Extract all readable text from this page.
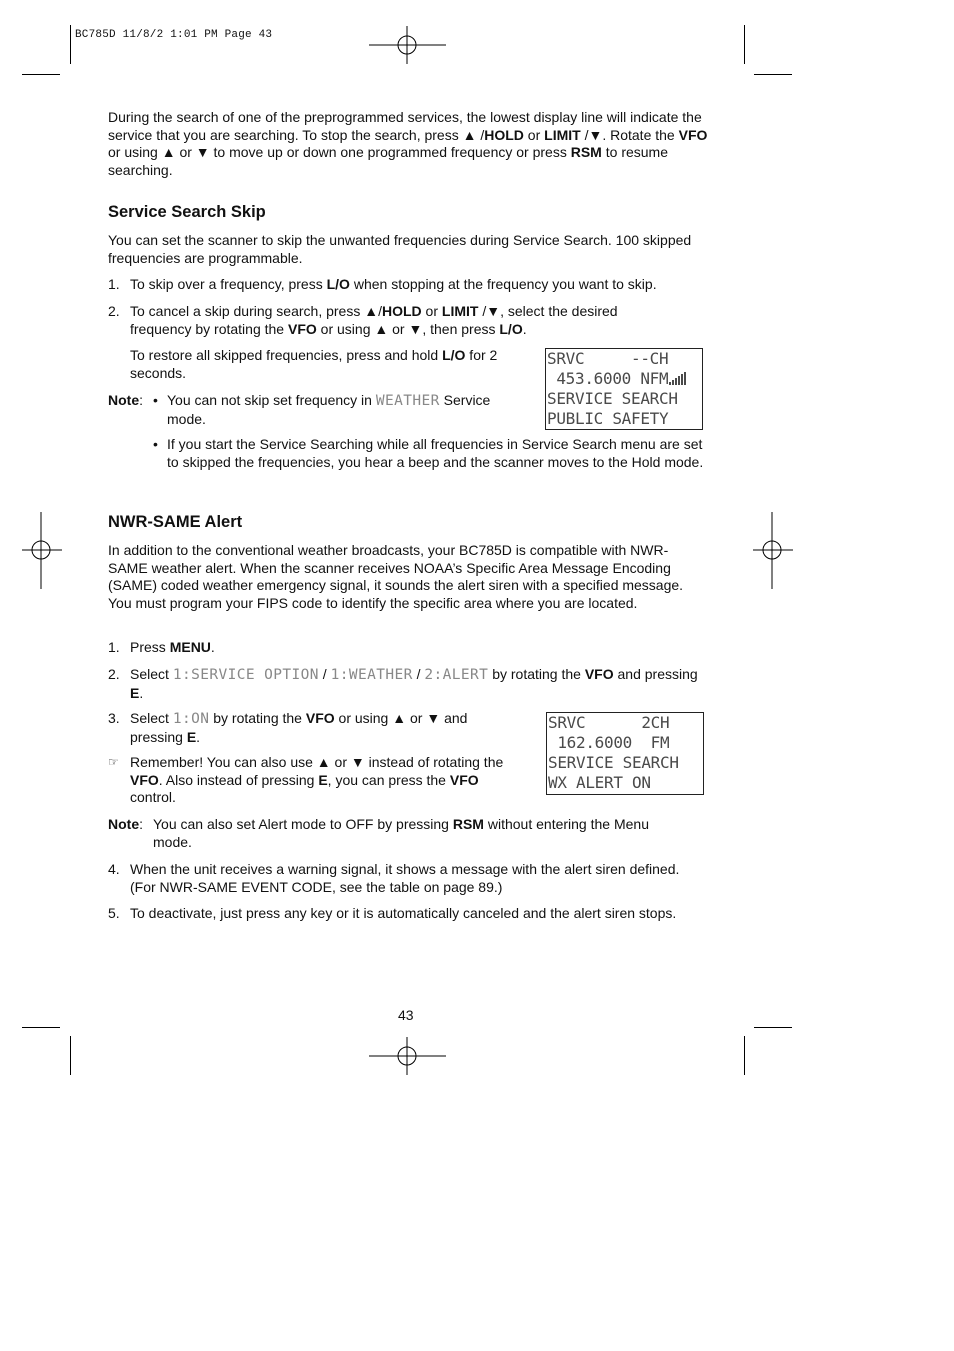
BC785D 11/8/2 1:01 PM Page 43

During the search of one of the preprogrammed services, the lowest display line will indicate the service that you are searching. To stop the search, press ▲ /HOLD or LIMIT /▼. Rotate the VFO or using ▲ or ▼ to move up or down one programmed frequency or press RSM to resume searching.

Service Search Skip

You can set the scanner to skip the unwanted frequencies during Service Search. 100 skipped frequencies are programmable.

1. To skip over a frequency, press L/O when stopping at the frequency you want to skip.

2. To cancel a skip during search, press ▲/HOLD or LIMIT /▼, select the desired frequency by rotating the VFO or using ▲ or ▼, then press L/O.

To restore all skipped frequencies, press and hold L/O for 2 seconds.

Note: • You can not skip set frequency in WEATHER Service mode.

• If you start the Service Searching while all frequencies in Service Search menu are set to skipped the frequencies, you hear a beep and the scanner moves to the Hold mode.

SRVC     --CH
453.6000 NFM
SERVICE SEARCH
PUBLIC SAFETY
NWR-SAME Alert

In addition to the conventional weather broadcasts, your BC785D is compatible with NWR-SAME weather alert. When the scanner receives NOAA’s Specific Area Message Encoding (SAME) coded weather emergency signal, it sounds the alert siren with a specified message. You must program your FIPS code to identify the specific area where you are located.

1. Press MENU.

2. Select 1:SERVICE OPTION / 1:WEATHER / 2:ALERT by rotating the VFO and pressing E.

3. Select 1:ON by rotating the VFO or using ▲ or ▼ and pressing E.

☞ Remember! You can also use ▲ or ▼ instead of rotating the VFO. Also instead of pressing E, you can press the VFO control.

SRVC      2CH
162.6000  FM
SERVICE SEARCH
WX ALERT ON
Note: You can also set Alert mode to OFF by pressing RSM without entering the Menu mode.

4. When the unit receives a warning signal, it shows a message with the alert siren defined. (For NWR-SAME EVENT CODE, see the table on page 89.)

5. To deactivate, just press any key or it is automatically canceled and the alert siren stops.

43
